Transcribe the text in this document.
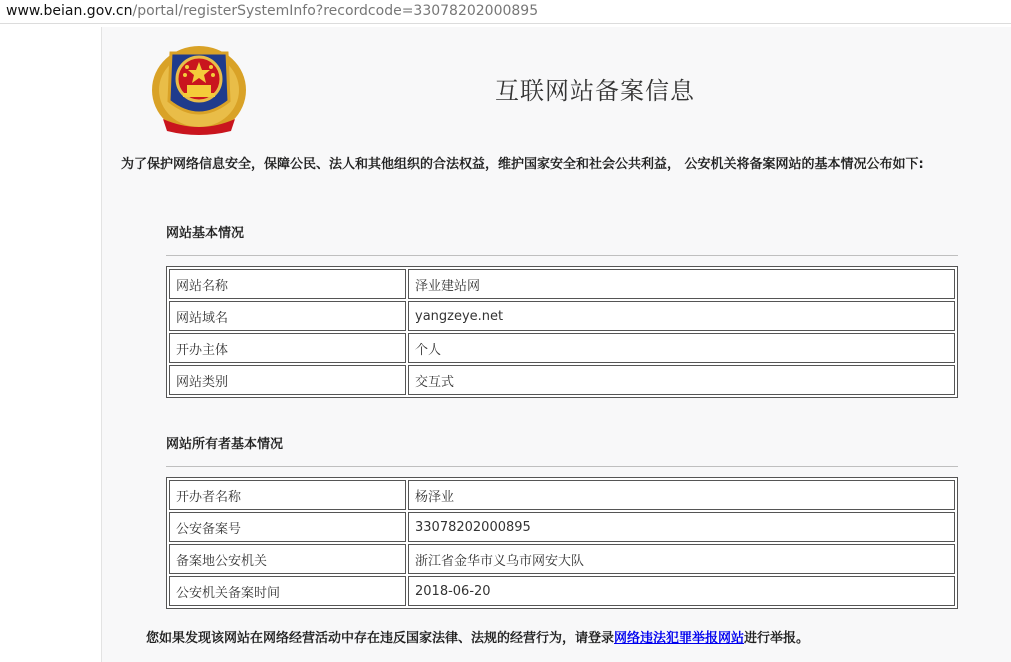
www.beian.gov.cn/portal/registerSystemInfo?recordcode=33078202000895
互联网站备案信息
为了保护网络信息安全，保障公民、法人和其他组织的合法权益，维护国家安全和社会公共利益， 公安机关将备案网站的基本情况公布如下:
网站基本情况
网站名称	泽业建站网
网站域名	yangzeye.net
开办主体	个人
网站类别	交互式
网站所有者基本情况
开办者名称	杨泽业
公安备案号	33078202000895
备案地公安机关	浙江省金华市义乌市网安大队
公安机关备案时间	2018-06-20
您如果发现该网站在网络经营活动中存在违反国家法律、法规的经营行为，请登录网络违法犯罪举报网站进行举报。
